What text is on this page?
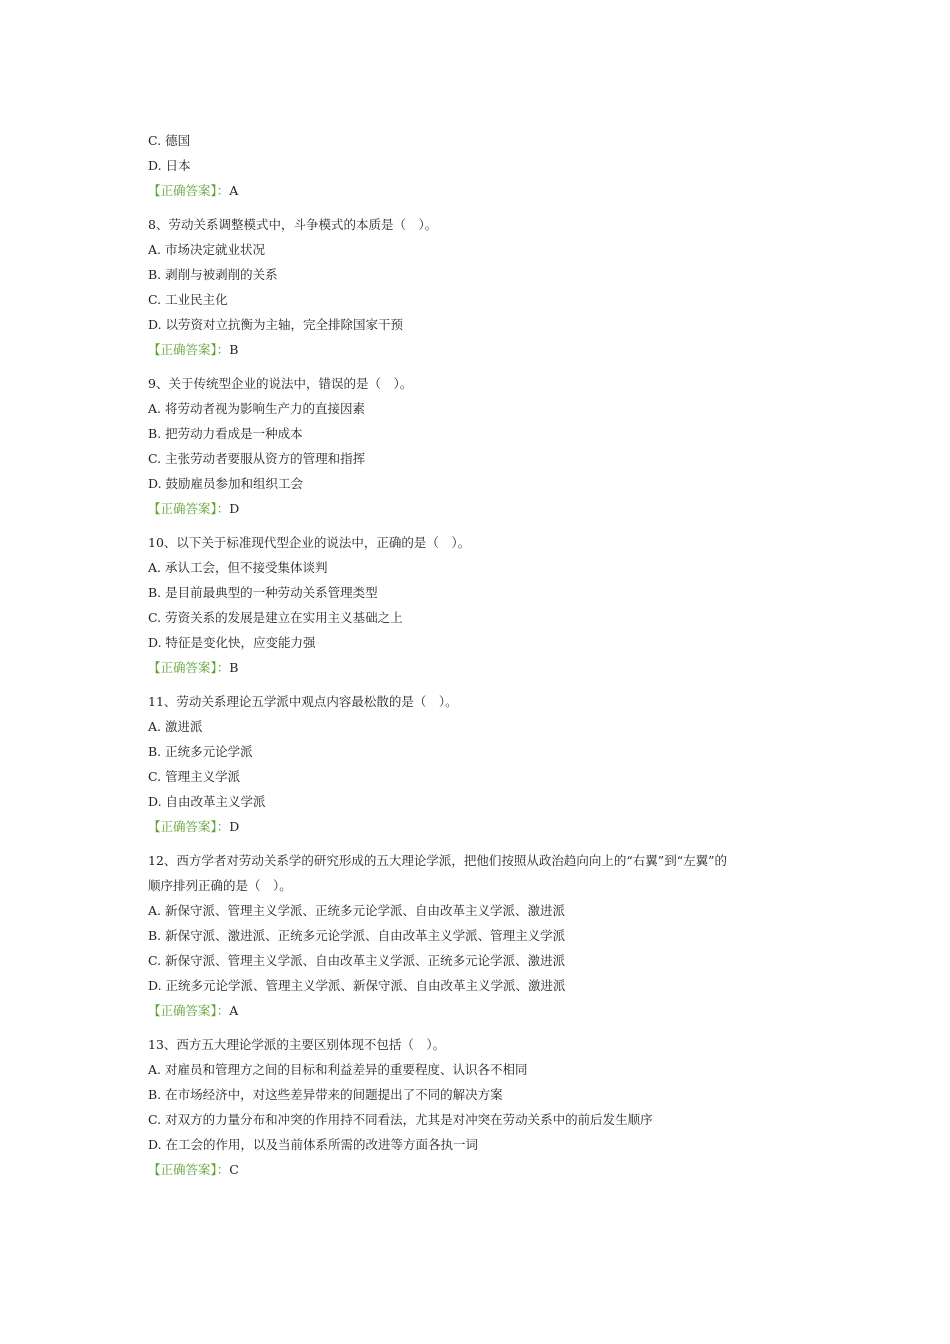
C. 德国
D. 日本
【正确答案】：A
8、劳动关系调整模式中，斗争模式的本质是（　）。
A. 市场决定就业状况
B. 剥削与被剥削的关系
C. 工业民主化
D. 以劳资对立抗衡为主轴，完全排除国家干预
【正确答案】：B
9、关于传统型企业的说法中，错误的是（　）。
A. 将劳动者视为影响生产力的直接因素
B. 把劳动力看成是一种成本
C. 主张劳动者要服从资方的管理和指挥
D. 鼓励雇员参加和组织工会
【正确答案】：D
10、以下关于标准现代型企业的说法中，正确的是（　）。
A. 承认工会，但不接受集体谈判
B. 是目前最典型的一种劳动关系管理类型
C. 劳资关系的发展是建立在实用主义基础之上
D. 特征是变化快，应变能力强
【正确答案】：B
11、劳动关系理论五学派中观点内容最松散的是（　）。
A. 激进派
B. 正统多元论学派
C. 管理主义学派
D. 自由改革主义学派
【正确答案】：D
12、西方学者对劳动关系学的研究形成的五大理论学派，把他们按照从政治趋向向上的“右翼”到“左翼”的
顺序排列正确的是（　）。
A. 新保守派、管理主义学派、正统多元论学派、自由改革主义学派、激进派
B. 新保守派、激进派、正统多元论学派、自由改革主义学派、管理主义学派
C. 新保守派、管理主义学派、自由改革主义学派、正统多元论学派、激进派
D. 正统多元论学派、管理主义学派、新保守派、自由改革主义学派、激进派
【正确答案】：A
13、西方五大理论学派的主要区别体现不包括（　）。
A. 对雇员和管理方之间的目标和利益差异的重要程度、认识各不相同
B. 在市场经济中，对这些差异带来的间题提出了不同的解决方案
C. 对双方的力量分布和冲突的作用持不同看法，尤其是对冲突在劳动关系中的前后发生顺序
D. 在工会的作用，以及当前体系所需的改进等方面各执一词
【正确答案】：C
